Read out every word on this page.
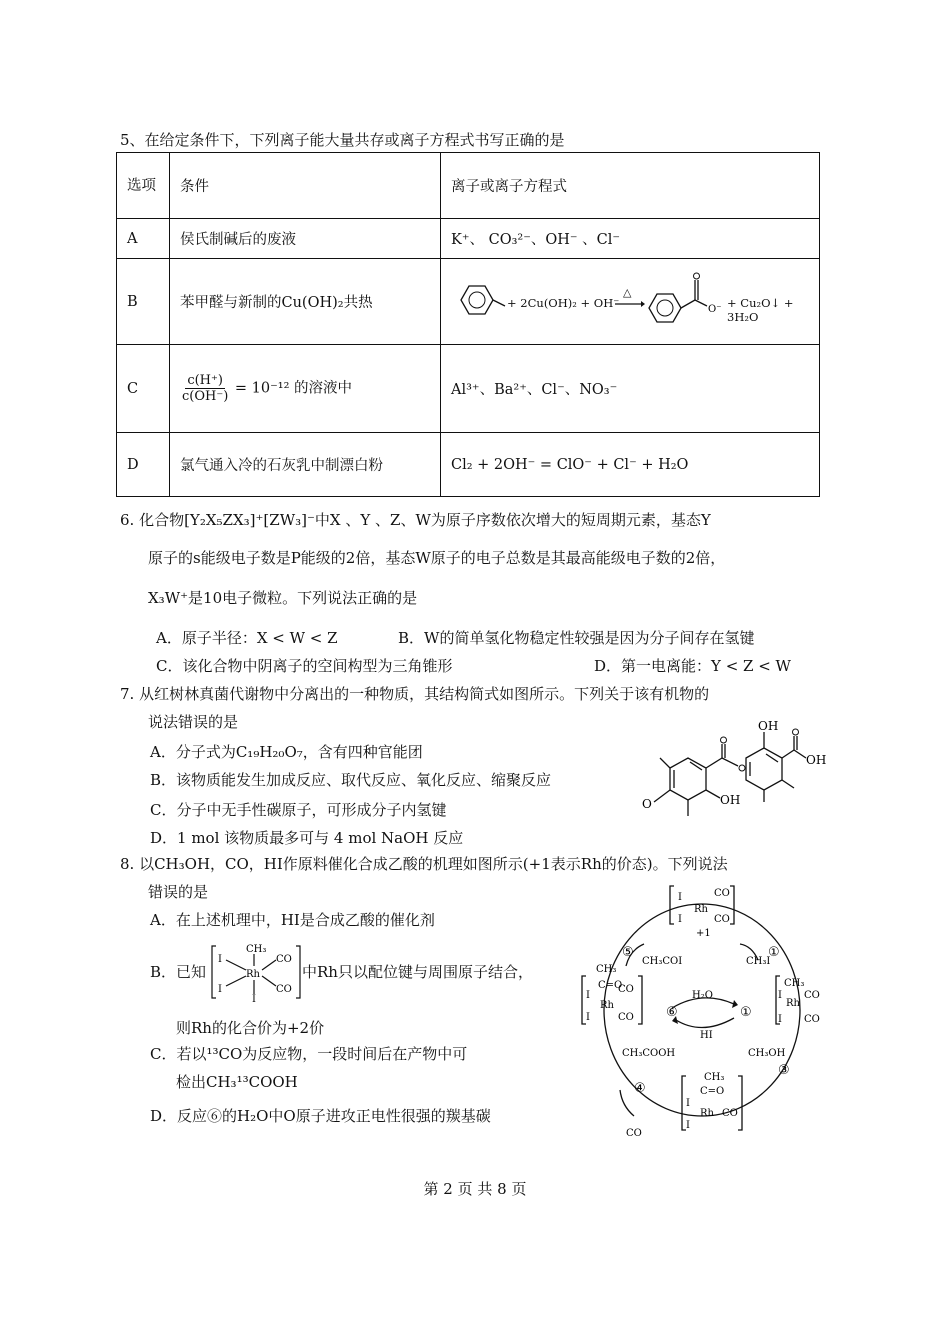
5、在给定条件下，下列离子能大量共存或离子方程式书写正确的是
选项	条件	离子或离子方程式
A	侯氏制碱后的废液	K⁺、 CO₃²⁻、OH⁻ 、Cl⁻
B	苯甲醛与新制的Cu(OH)₂共热	+ 2Cu(OH)₂ + OH⁻
△
O⁻ + Cu₂O↓ + 3H₂O

C	$\frac{c(H^+)}{c(OH^-)} = 10^{-12}$ 的溶液中	Al³⁺、Ba²⁺、Cl⁻、NO₃⁻
D	氯气通入冷的石灰乳中制漂白粉	Cl₂ + 2OH⁻ = ClO⁻ + Cl⁻ + H₂O
6. 化合物[Y₂X₅ZX₃]⁺[ZW₃]⁻中X 、Y 、Z、W为原子序数依次增大的短周期元素，基态Y
原子的s能级电子数是P能级的2倍，基态W原子的电子总数是其最高能级电子数的2倍，
X₃W⁺是10电子微粒。下列说法正确的是
A．原子半径：X < W < Z	B．W的简单氢化物稳定性较强是因为分子间存在氢键
C．该化合物中阴离子的空间构型为三角锥形	D．第一电离能：Y < Z < W
7. 从红树林真菌代谢物中分离出的一种物质，其结构简式如图所示。下列关于该有机物的
说法错误的是
A．分子式为C₁₉H₂₀O₇，含有四种官能团
B．该物质能发生加成反应、取代反应、氧化反应、缩聚反应
C．分子中无手性碳原子，可形成分子内氢键
D．1 mol 该物质最多可与 4 mol NaOH 反应
OH
OH
OH
O
8. 以CH₃OH，CO，HI作原料催化合成乙酸的机理如图所示(+1表示Rh的价态)。下列说法
错误的是
A．在上述机理中，HI是合成乙酸的催化剂
B．已知
CH₃
Rh
CO
CO
I
I
I
中Rh只以配位键与周围原子结合，
则Rh的化合价为+2价
C．若以¹³CO为反应物，一段时间后在产物中可
检出CH₃¹³COOH
D．反应⑥的H₂O中O原子进攻正电性很强的羰基碳
I
I
Rh
CO
CO
+1
CH₃
Rh
CO
CO
I
I
CH₃
C=O
Rh
CO
CO
I
I
CH₃
C=O
Rh CO
I
I
CH₃COI	CH₃I
H₂O
HI
CH₃COOH	CH₃OH
CO
⑤	①
⑥	①
③
④
第 2 页 共 8 页
